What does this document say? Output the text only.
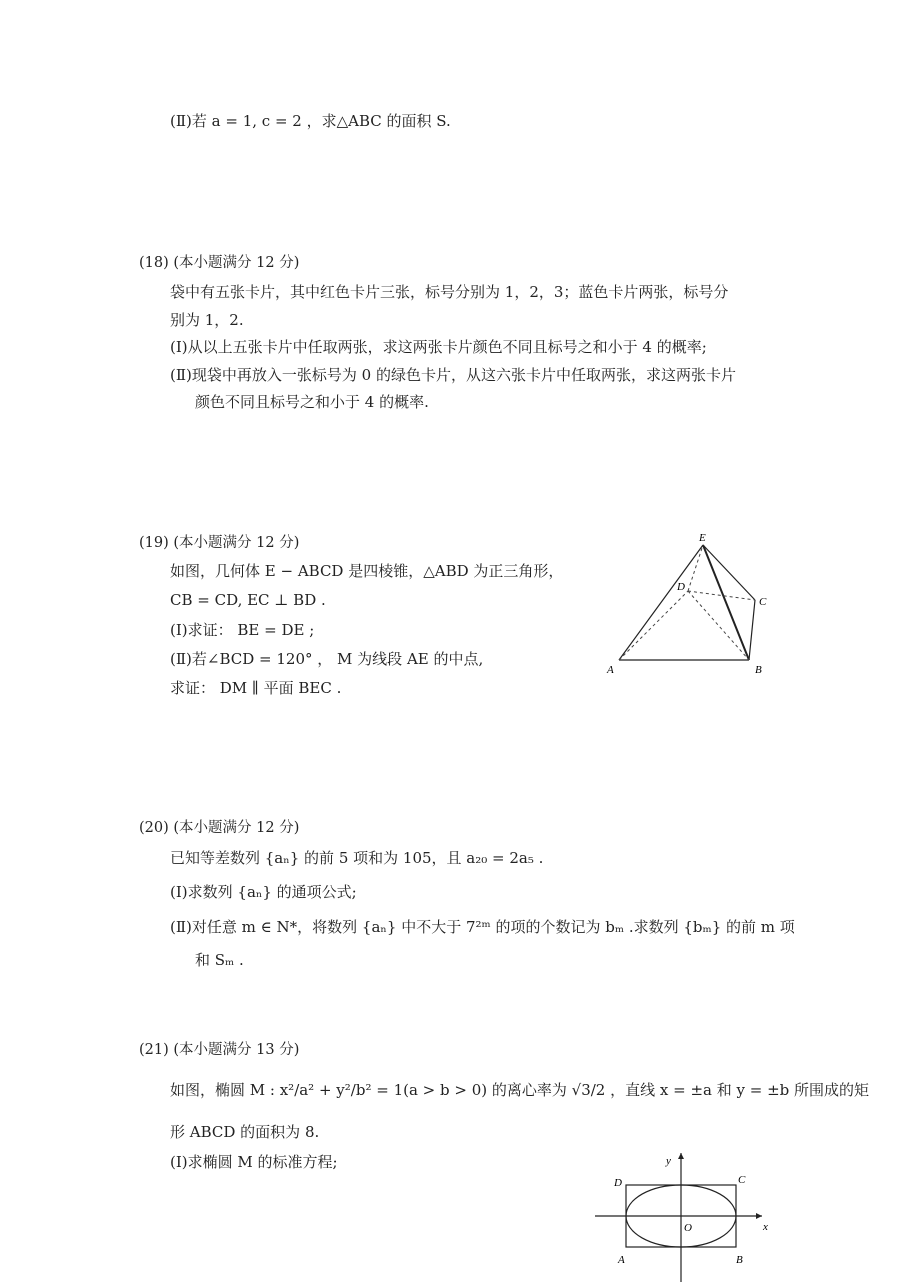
(Ⅱ)若 a = 1, c = 2 ，求△ABC 的面积 S.
(18) (本小题满分 12 分)
袋中有五张卡片，其中红色卡片三张，标号分别为 1，2，3；蓝色卡片两张，标号分
别为 1，2.
(Ⅰ)从以上五张卡片中任取两张，求这两张卡片颜色不同且标号之和小于 4 的概率;
(Ⅱ)现袋中再放入一张标号为 0 的绿色卡片，从这六张卡片中任取两张，求这两张卡片
颜色不同且标号之和小于 4 的概率.
(19) (本小题满分 12 分)
如图，几何体 E − ABCD 是四棱锥，△ABD 为正三角形，
CB = CD, EC ⊥ BD .
(Ⅰ)求证： BE = DE ;
(Ⅱ)若∠BCD = 120° ， M 为线段 AE 的中点,
求证： DM ∥ 平面 BEC .
E
D
C
A	B
(20) (本小题满分 12 分)
已知等差数列 {aₙ} 的前 5 项和为 105，且 a₂₀ = 2a₅ .
(Ⅰ)求数列 {aₙ} 的通项公式;
(Ⅱ)对任意 m ∈ N*，将数列 {aₙ} 中不大于 7²ᵐ 的项的个数记为 bₘ .求数列 {bₘ} 的前 m 项
和 Sₘ .
(21) (本小题满分 13 分)
如图，椭圆 M : x²/a² + y²/b² = 1(a > b > 0) 的离心率为 √3/2 ，直线 x = ±a 和 y = ±b 所围成的矩
形 ABCD 的面积为 8.
(Ⅰ)求椭圆 M 的标准方程;	y
x
O
D	C
A	B
